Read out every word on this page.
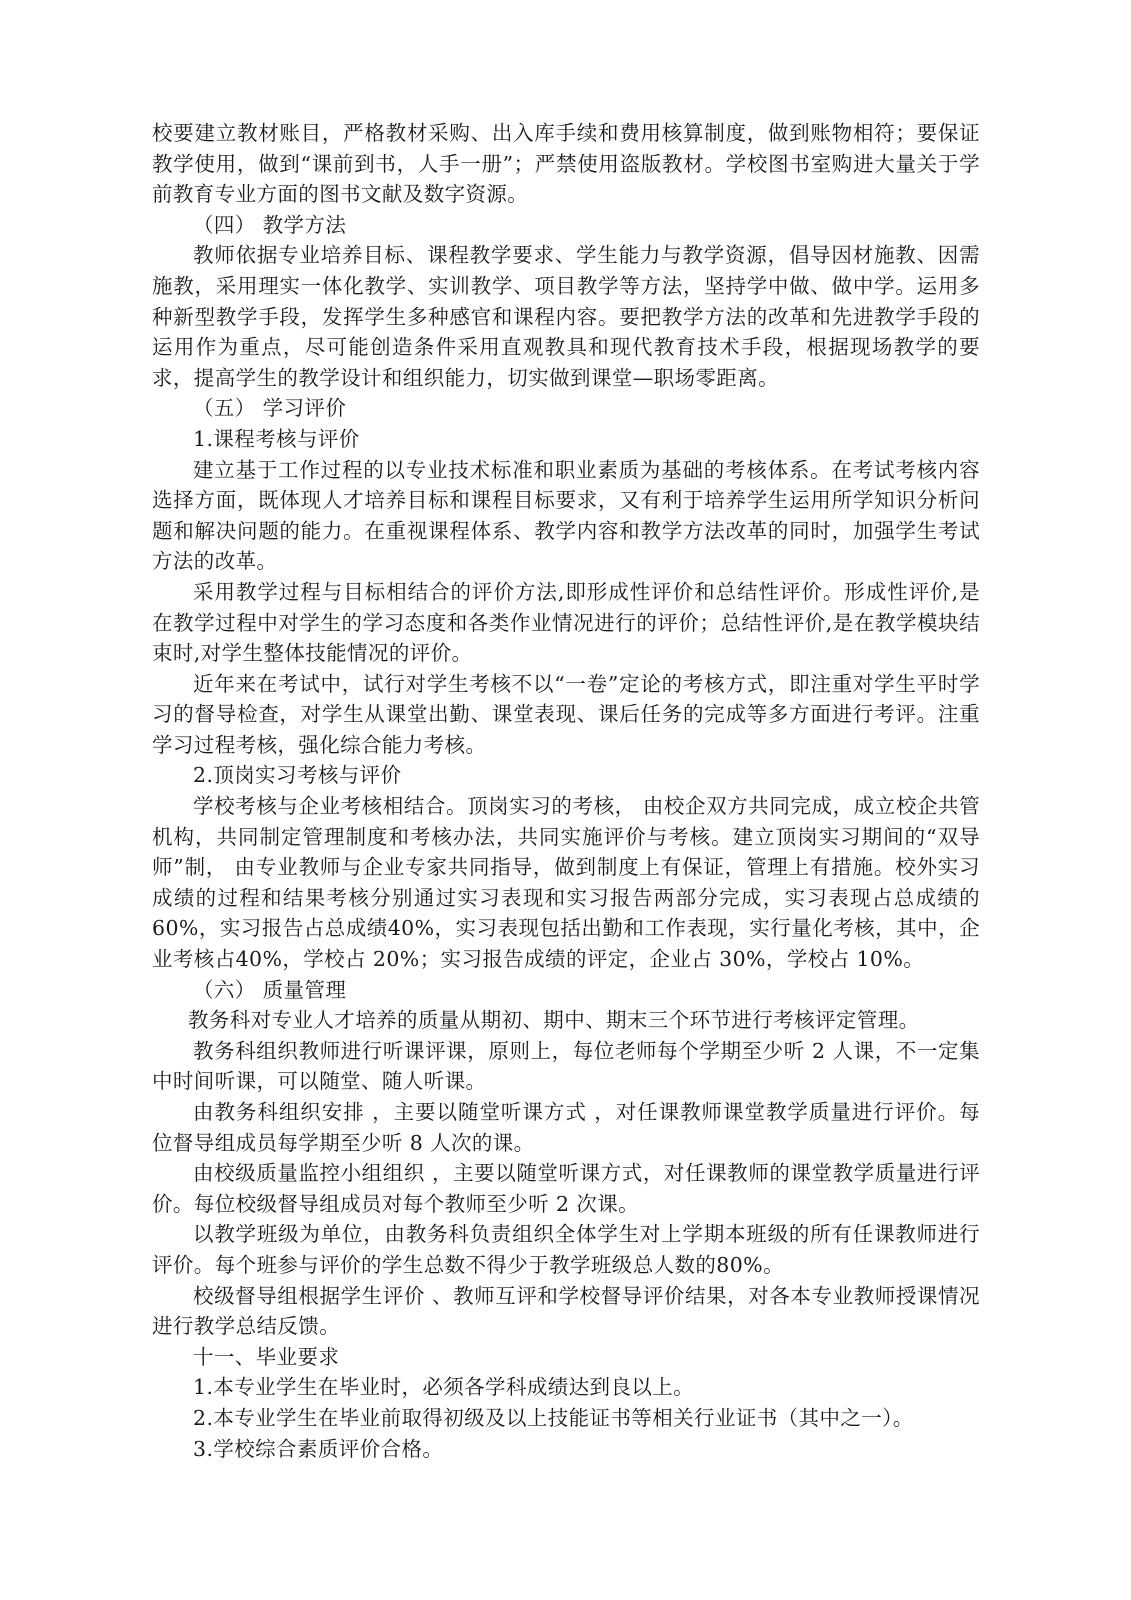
校要建立教材账目，严格教材采购、出入库手续和费用核算制度，做到账物相符；要保证教学使用，做到“课前到书，人手一册”；严禁使用盗版教材。学校图书室购进大量关于学前教育专业方面的图书文献及数字资源。

（四） 教学方法

教师依据专业培养目标、课程教学要求、学生能力与教学资源，倡导因材施教、因需施教，采用理实一体化教学、实训教学、项目教学等方法，坚持学中做、做中学。运用多种新型教学手段，发挥学生多种感官和课程内容。要把教学方法的改革和先进教学手段的运用作为重点，尽可能创造条件采用直观教具和现代教育技术手段，根据现场教学的要求，提高学生的教学设计和组织能力，切实做到课堂—职场零距离。

（五） 学习评价

1.课程考核与评价

建立基于工作过程的以专业技术标准和职业素质为基础的考核体系。在考试考核内容选择方面，既体现人才培养目标和课程目标要求，又有利于培养学生运用所学知识分析问题和解决问题的能力。在重视课程体系、教学内容和教学方法改革的同时，加强学生考试方法的改革。

采用教学过程与目标相结合的评价方法,即形成性评价和总结性评价。形成性评价,是在教学过程中对学生的学习态度和各类作业情况进行的评价；总结性评价,是在教学模块结束时,对学生整体技能情况的评价。

近年来在考试中，试行对学生考核不以“一卷”定论的考核方式，即注重对学生平时学习的督导检查，对学生从课堂出勤、课堂表现、课后任务的完成等多方面进行考评。注重学习过程考核，强化综合能力考核。

2.顶岗实习考核与评价

学校考核与企业考核相结合。顶岗实习的考核， 由校企双方共同完成，成立校企共管机构，共同制定管理制度和考核办法，共同实施评价与考核。建立顶岗实习期间的“双导师”制， 由专业教师与企业专家共同指导，做到制度上有保证，管理上有措施。校外实习成绩的过程和结果考核分别通过实习表现和实习报告两部分完成，实习表现占总成绩的60%，实习报告占总成绩40%，实习表现包括出勤和工作表现，实行量化考核，其中，企业考核占40%，学校占 20%；实习报告成绩的评定，企业占 30%，学校占 10%。

（六） 质量管理

教务科对专业人才培养的质量从期初、期中、期末三个环节进行考核评定管理。

教务科组织教师进行听课评课，原则上，每位老师每个学期至少听 2 人课，不一定集中时间听课，可以随堂、随人听课。

由教务科组织安排 ，主要以随堂听课方式 ，对任课教师课堂教学质量进行评价。每位督导组成员每学期至少听 8 人次的课。

由校级质量监控小组组织 ，主要以随堂听课方式，对任课教师的课堂教学质量进行评价。每位校级督导组成员对每个教师至少听 2 次课。

以教学班级为单位，由教务科负责组织全体学生对上学期本班级的所有任课教师进行评价。每个班参与评价的学生总数不得少于教学班级总人数的80%。

校级督导组根据学生评价 、教师互评和学校督导评价结果，对各本专业教师授课情况进行教学总结反馈。

十一、毕业要求

1.本专业学生在毕业时，必须各学科成绩达到良以上。

2.本专业学生在毕业前取得初级及以上技能证书等相关行业证书（其中之一）。

3.学校综合素质评价合格。
